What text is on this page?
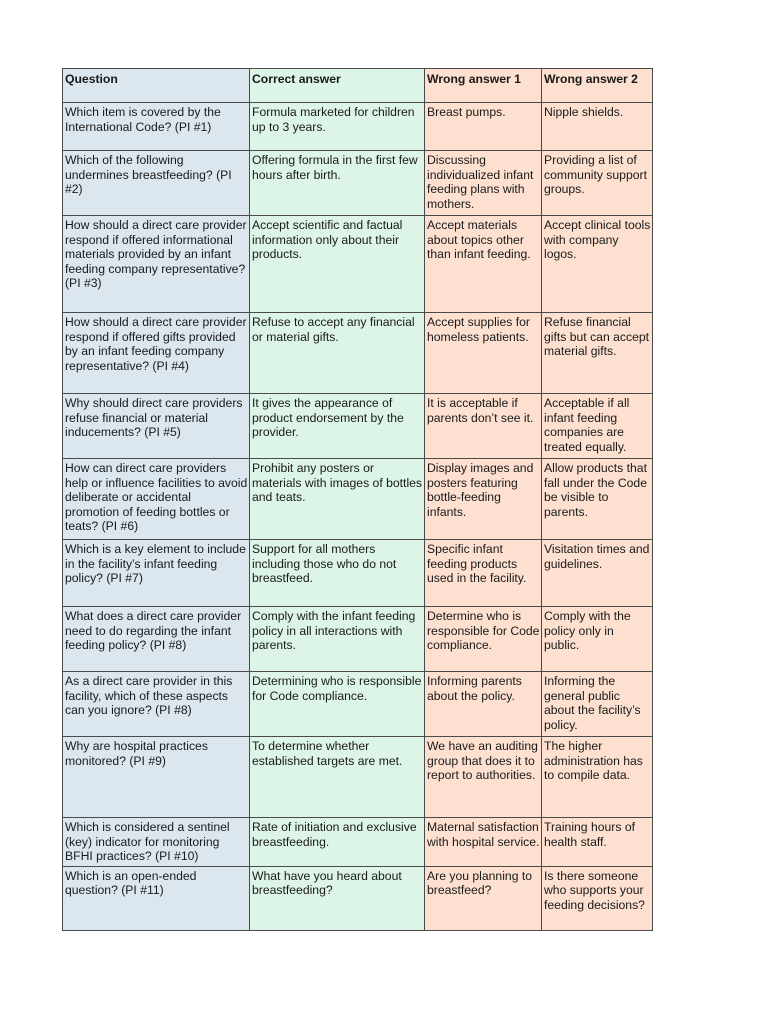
Question	Correct answer	Wrong answer 1	Wrong answer 2
Which item is covered by the International Code? (PI #1)	Formula marketed for children up to 3 years.	Breast pumps.	Nipple shields.
Which of the following undermines breastfeeding? (PI #2)	Offering formula in the first few hours after birth.	Discussing individualized infant feeding plans with mothers.	Providing a list of community support groups.
How should a direct care provider respond if offered informational materials provided by an infant feeding company representative? (PI #3)	Accept scientific and factual information only about their products.	Accept materials about topics other than infant feeding.	Accept clinical tools with company logos.
How should a direct care provider respond if offered gifts provided by an infant feeding company representative? (PI #4)	Refuse to accept any financial or material gifts.	Accept supplies for homeless patients.	Refuse financial gifts but can accept material gifts.
Why should direct care providers refuse financial or material inducements? (PI #5)	It gives the appearance of product endorsement by the provider.	It is acceptable if parents don’t see it.	Acceptable if all infant feeding companies are treated equally.
How can direct care providers help or influence facilities to avoid deliberate or accidental promotion of feeding bottles or teats? (PI #6)	Prohibit any posters or materials with images of bottles and teats.	Display images and posters featuring bottle-feeding infants.	Allow products that fall under the Code be visible to parents.
Which is a key element to include in the facility’s infant feeding policy? (PI #7)	Support for all mothers including those who do not breastfeed.	Specific infant feeding products used in the facility.	Visitation times and guidelines.
What does a direct care provider need to do regarding the infant feeding policy? (PI #8)	Comply with the infant feeding policy in all interactions with parents.	Determine who is responsible for Code compliance.	Comply with the policy only in public.
As a direct care provider in this facility, which of these aspects can you ignore? (PI #8)	Determining who is responsible for Code compliance.	Informing parents about the policy.	Informing the general public about the facility’s policy.
Why are hospital practices monitored? (PI #9)	To determine whether established targets are met.	We have an auditing group that does it to report to authorities.	The higher administration has to compile data.
Which is considered a sentinel (key) indicator for monitoring BFHI practices? (PI #10)	Rate of initiation and exclusive breastfeeding.	Maternal satisfaction with hospital service.	Training hours of health staff.
Which is an open-ended question? (PI #11)	What have you heard about breastfeeding?	Are you planning to breastfeed?	Is there someone who supports your feeding decisions?
